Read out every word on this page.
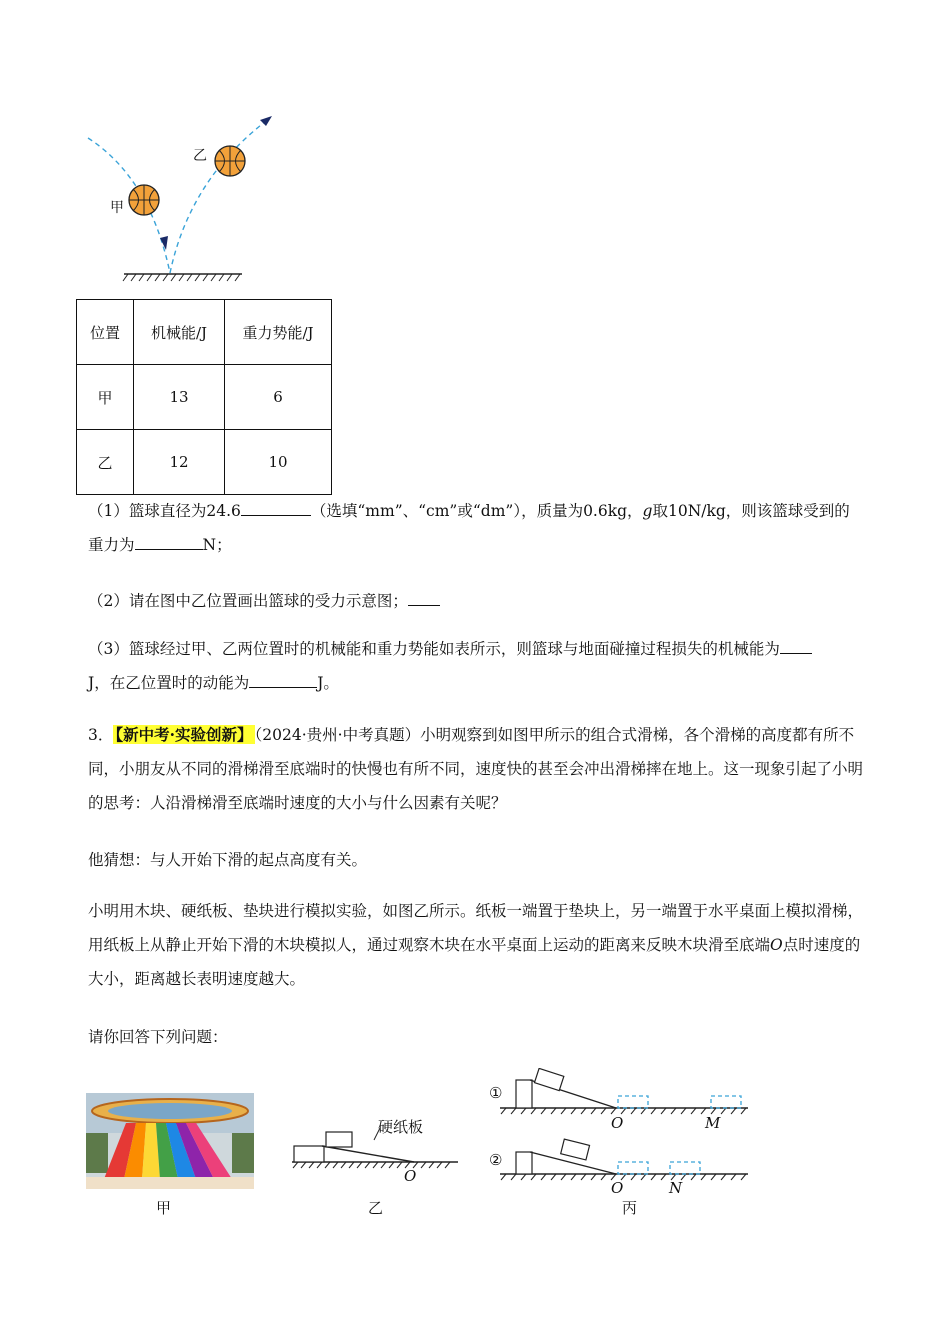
甲
乙
位置	机械能/J	重力势能/J
甲	13	6
乙	12	10

（1）篮球直径为24.6	（选填“mm”、“cm”或“dm”），质量为0.6kg，g取10N/kg，则该篮球受到的
重力为	N；

（2）请在图中乙位置画出篮球的受力示意图；

（3）篮球经过甲、乙两位置时的机械能和重力势能如表所示，则篮球与地面碰撞过程损失的机械能为
J，在乙位置时的动能为	J。

3． 【新中考·实验创新】 （2024·贵州·中考真题）小明观察到如图甲所示的组合式滑梯，各个滑梯的高度都有所不同，小朋友从不同的滑梯滑至底端时的快慢也有所不同，速度快的甚至会冲出滑梯摔在地上。这一现象引起了小明的思考：人沿滑梯滑至底端时速度的大小与什么因素有关呢？

他猜想：与人开始下滑的起点高度有关。

小明用木块、硬纸板、垫块进行模拟实验，如图乙所示。纸板一端置于垫块上，另一端置于水平桌面上模拟滑梯，用纸板上从静止开始下滑的木块模拟人，通过观察木块在水平桌面上运动的距离来反映木块滑至底端O点时速度的大小，距离越长表明速度越大。

请你回答下列问题：

甲
硬纸板
O
乙
①
②
O	M
O	N
丙
